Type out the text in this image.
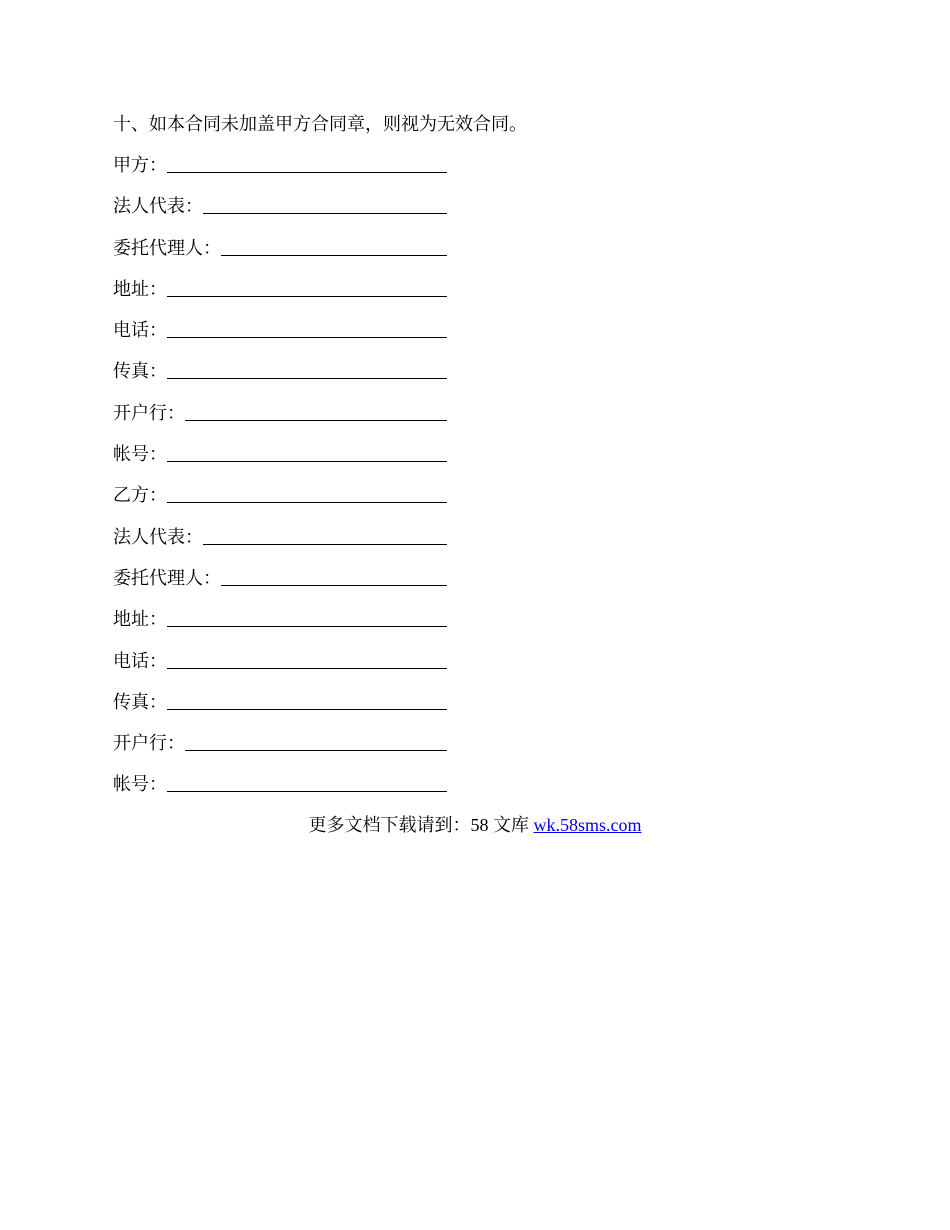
十、如本合同未加盖甲方合同章，则视为无效合同。
甲方：
法人代表：
委托代理人：
地址：
电话：
传真：
开户行：
帐号：
乙方：
法人代表：
委托代理人：
地址：
电话：
传真：
开户行：
帐号：
更多文档下载请到：58 文库 wk.58sms.com
